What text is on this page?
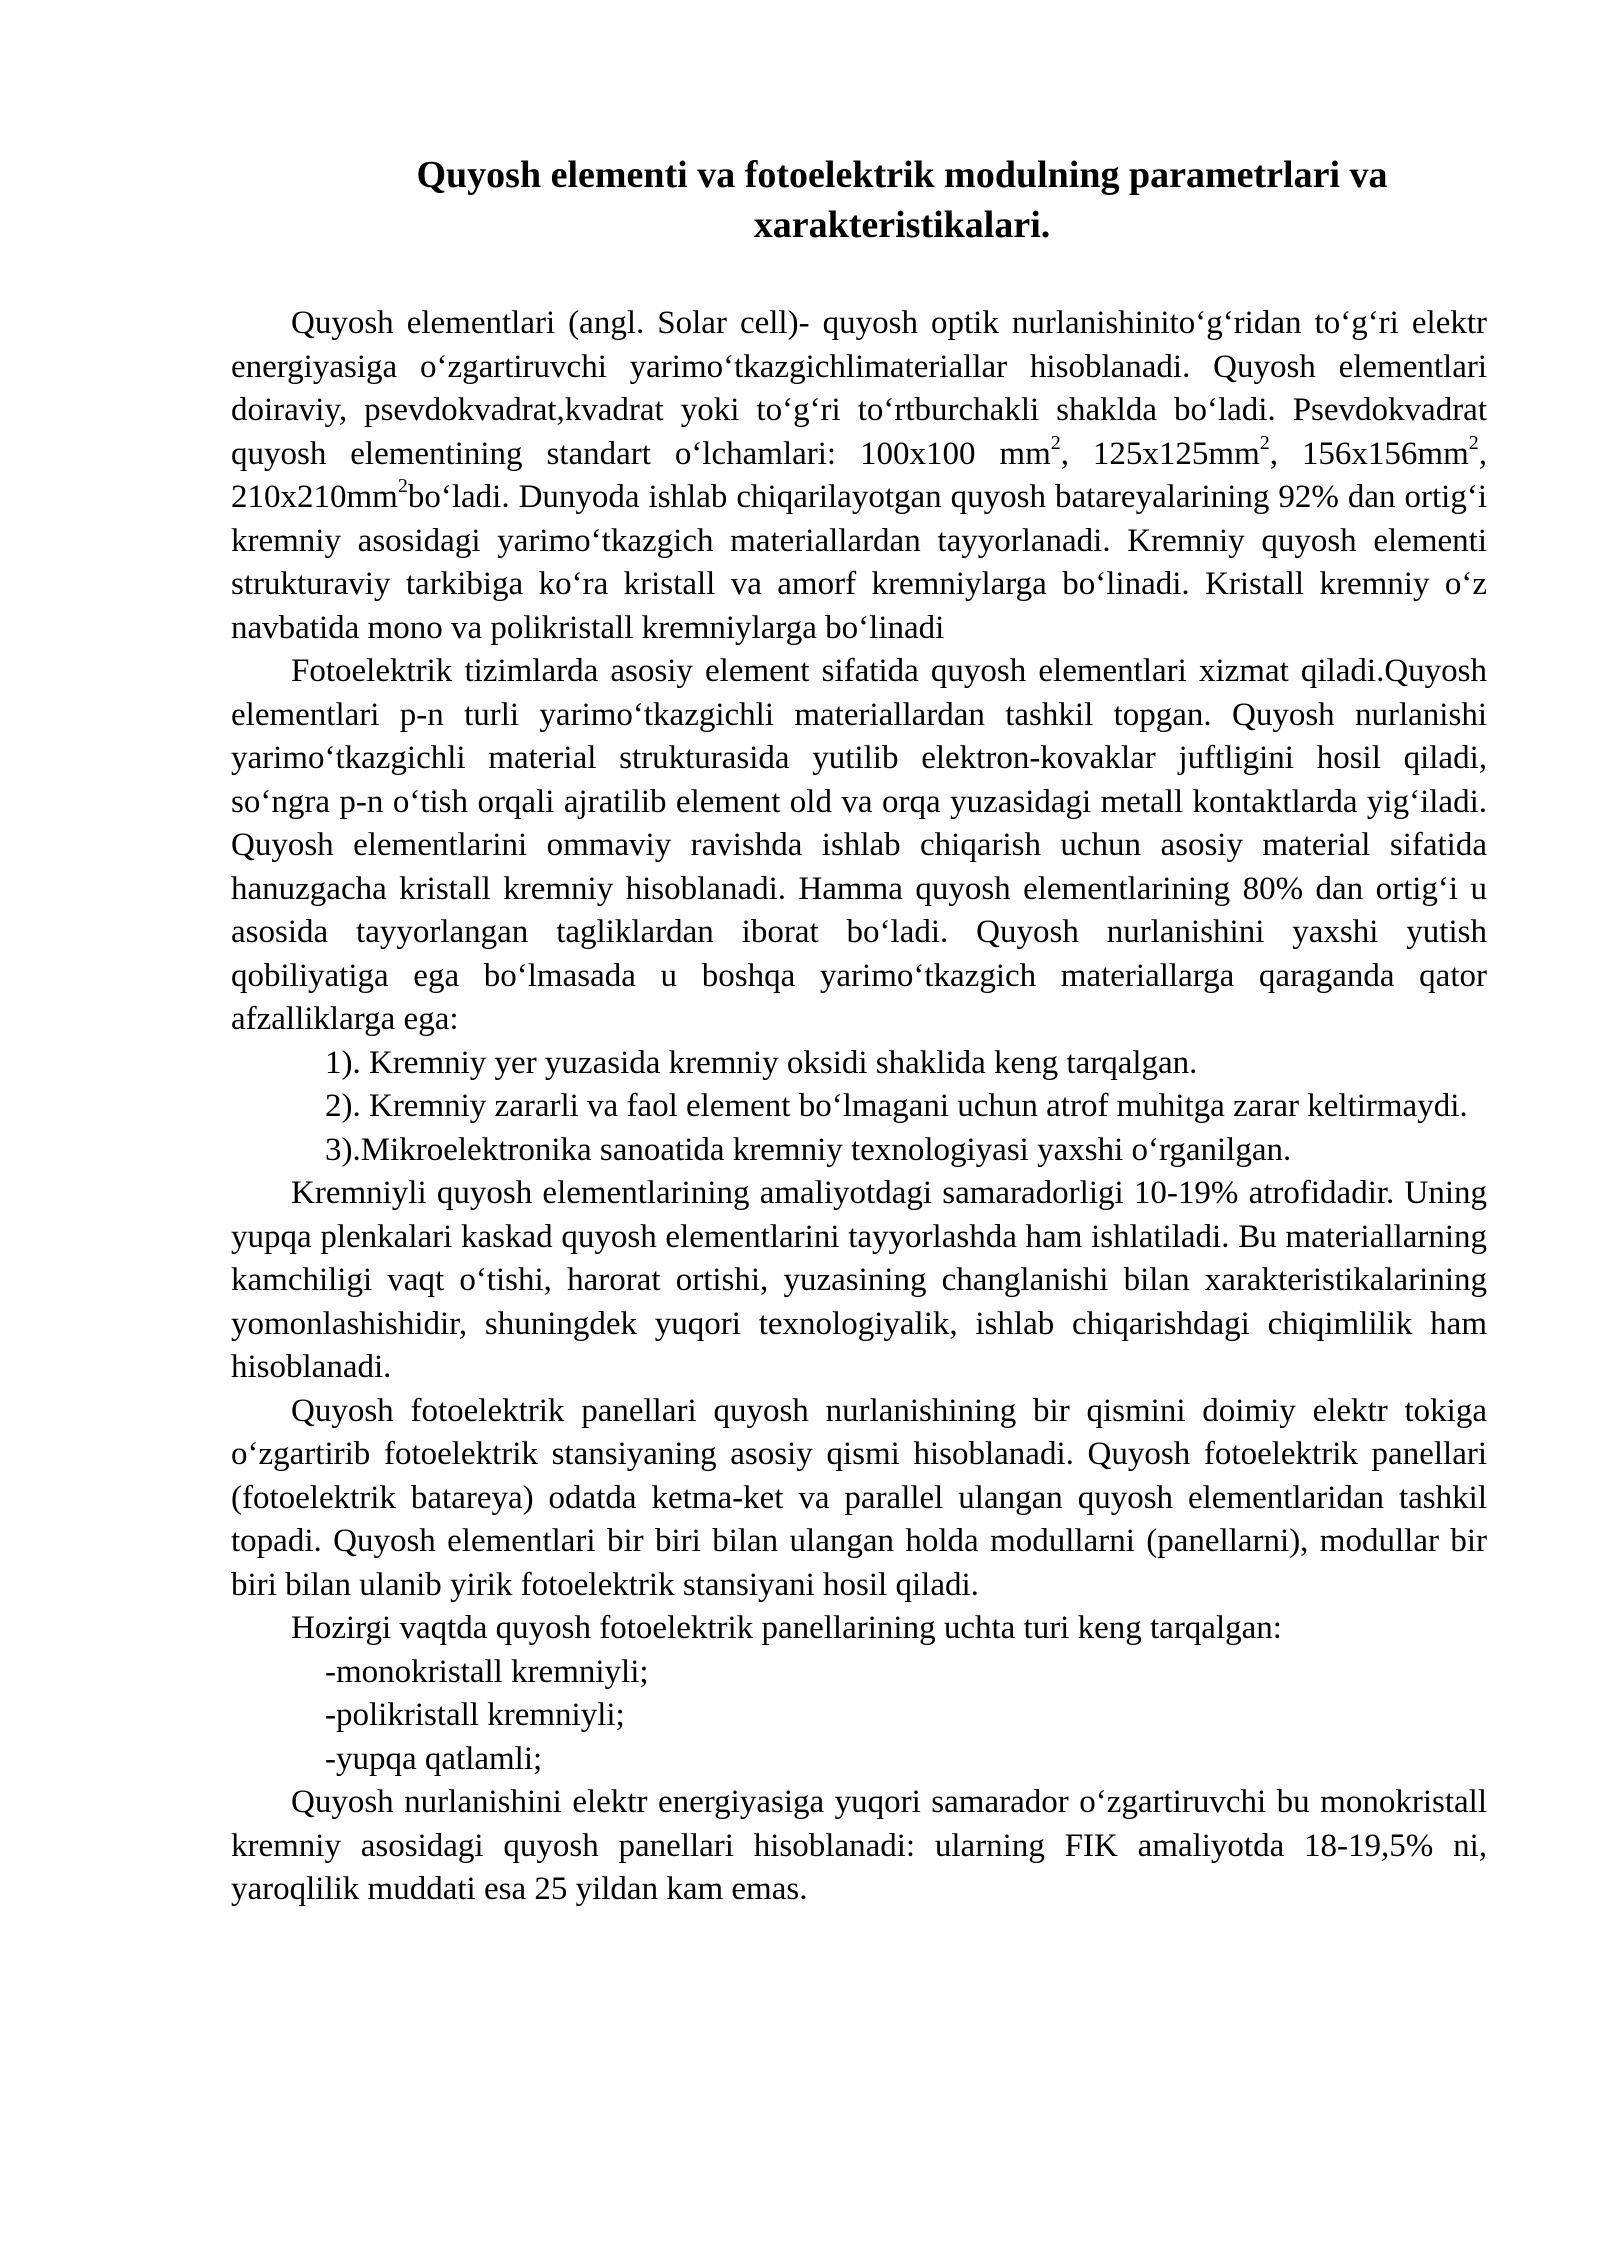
Quyosh elementi va fotoelektrik modulning parametrlari va
xarakteristikalari.

Quyosh elementlari (angl. Solar cell)- quyosh optik nurlanishinito‘g‘ridan to‘g‘ri elektr energiyasiga o‘zgartiruvchi yarimo‘tkazgichlimateriallar hisoblanadi. Quyosh elementlari doiraviy, psevdokvadrat,kvadrat yoki to‘g‘ri to‘rtburchakli shaklda bo‘ladi. Psevdokvadrat quyosh elementining standart o‘lchamlari: 100x100 $mm^2$, $125x125mm^2$, $156x156mm^2$, $210x210mm^2bo‘ladi$. Dunyoda ishlab chiqarilayotgan quyosh batareyalarining 92% dan ortig‘i kremniy asosidagi yarimo‘tkazgich materiallardan tayyorlanadi. Kremniy quyosh elementi strukturaviy tarkibiga ko‘ra kristall va amorf kremniylarga bo‘linadi. Kristall kremniy o‘z navbatida mono va polikristall kremniylarga bo‘linadi

Fotoelektrik tizimlarda asosiy element sifatida quyosh elementlari xizmat qiladi.Quyosh elementlari p-n turli yarimo‘tkazgichli materiallardan tashkil topgan. Quyosh nurlanishi yarimo‘tkazgichli material strukturasida yutilib elektron-kovaklar juftligini hosil qiladi, so‘ngra p-n o‘tish orqali ajratilib element old va orqa yuzasidagi metall kontaktlarda yig‘iladi. Quyosh elementlarini ommaviy ravishda ishlab chiqarish uchun asosiy material sifatida hanuzgacha kristall kremniy hisoblanadi. Hamma quyosh elementlarining 80% dan ortig‘i u asosida tayyorlangan tagliklardan iborat bo‘ladi. Quyosh nurlanishini yaxshi yutish qobiliyatiga ega bo‘lmasada u boshqa yarimo‘tkazgich materiallarga qaraganda qator afzalliklarga ega:

1). Kremniy yer yuzasida kremniy oksidi shaklida keng tarqalgan.

2). Kremniy zararli va faol element bo‘lmagani uchun atrof muhitga zarar keltirmaydi.

3).Mikroelektronika sanoatida kremniy texnologiyasi yaxshi o‘rganilgan.

Kremniyli quyosh elementlarining amaliyotdagi samaradorligi 10-19% atrofidadir. Uning yupqa plenkalari kaskad quyosh elementlarini tayyorlashda ham ishlatiladi. Bu materiallarning kamchiligi vaqt o‘tishi, harorat ortishi, yuzasining changlanishi bilan xarakteristikalarining yomonlashishidir, shuningdek yuqori texnologiyalik, ishlab chiqarishdagi chiqimlilik ham hisoblanadi.

Quyosh fotoelektrik panellari quyosh nurlanishining bir qismini doimiy elektr tokiga o‘zgartirib fotoelektrik stansiyaning asosiy qismi hisoblanadi. Quyosh fotoelektrik panellari (fotoelektrik batareya) odatda ketma-ket va parallel ulangan quyosh elementlaridan tashkil topadi. Quyosh elementlari bir biri bilan ulangan holda modullarni (panellarni), modullar bir biri bilan ulanib yirik fotoelektrik stansiyani hosil qiladi.

Hozirgi vaqtda quyosh fotoelektrik panellarining uchta turi keng tarqalgan:

-monokristall kremniyli;

-polikristall kremniyli;

-yupqa qatlamli;

Quyosh nurlanishini elektr energiyasiga yuqori samarador o‘zgartiruvchi bu monokristall kremniy asosidagi quyosh panellari hisoblanadi: ularning FIK amaliyotda 18-19,5% ni, yaroqlilik muddati esa 25 yildan kam emas.
